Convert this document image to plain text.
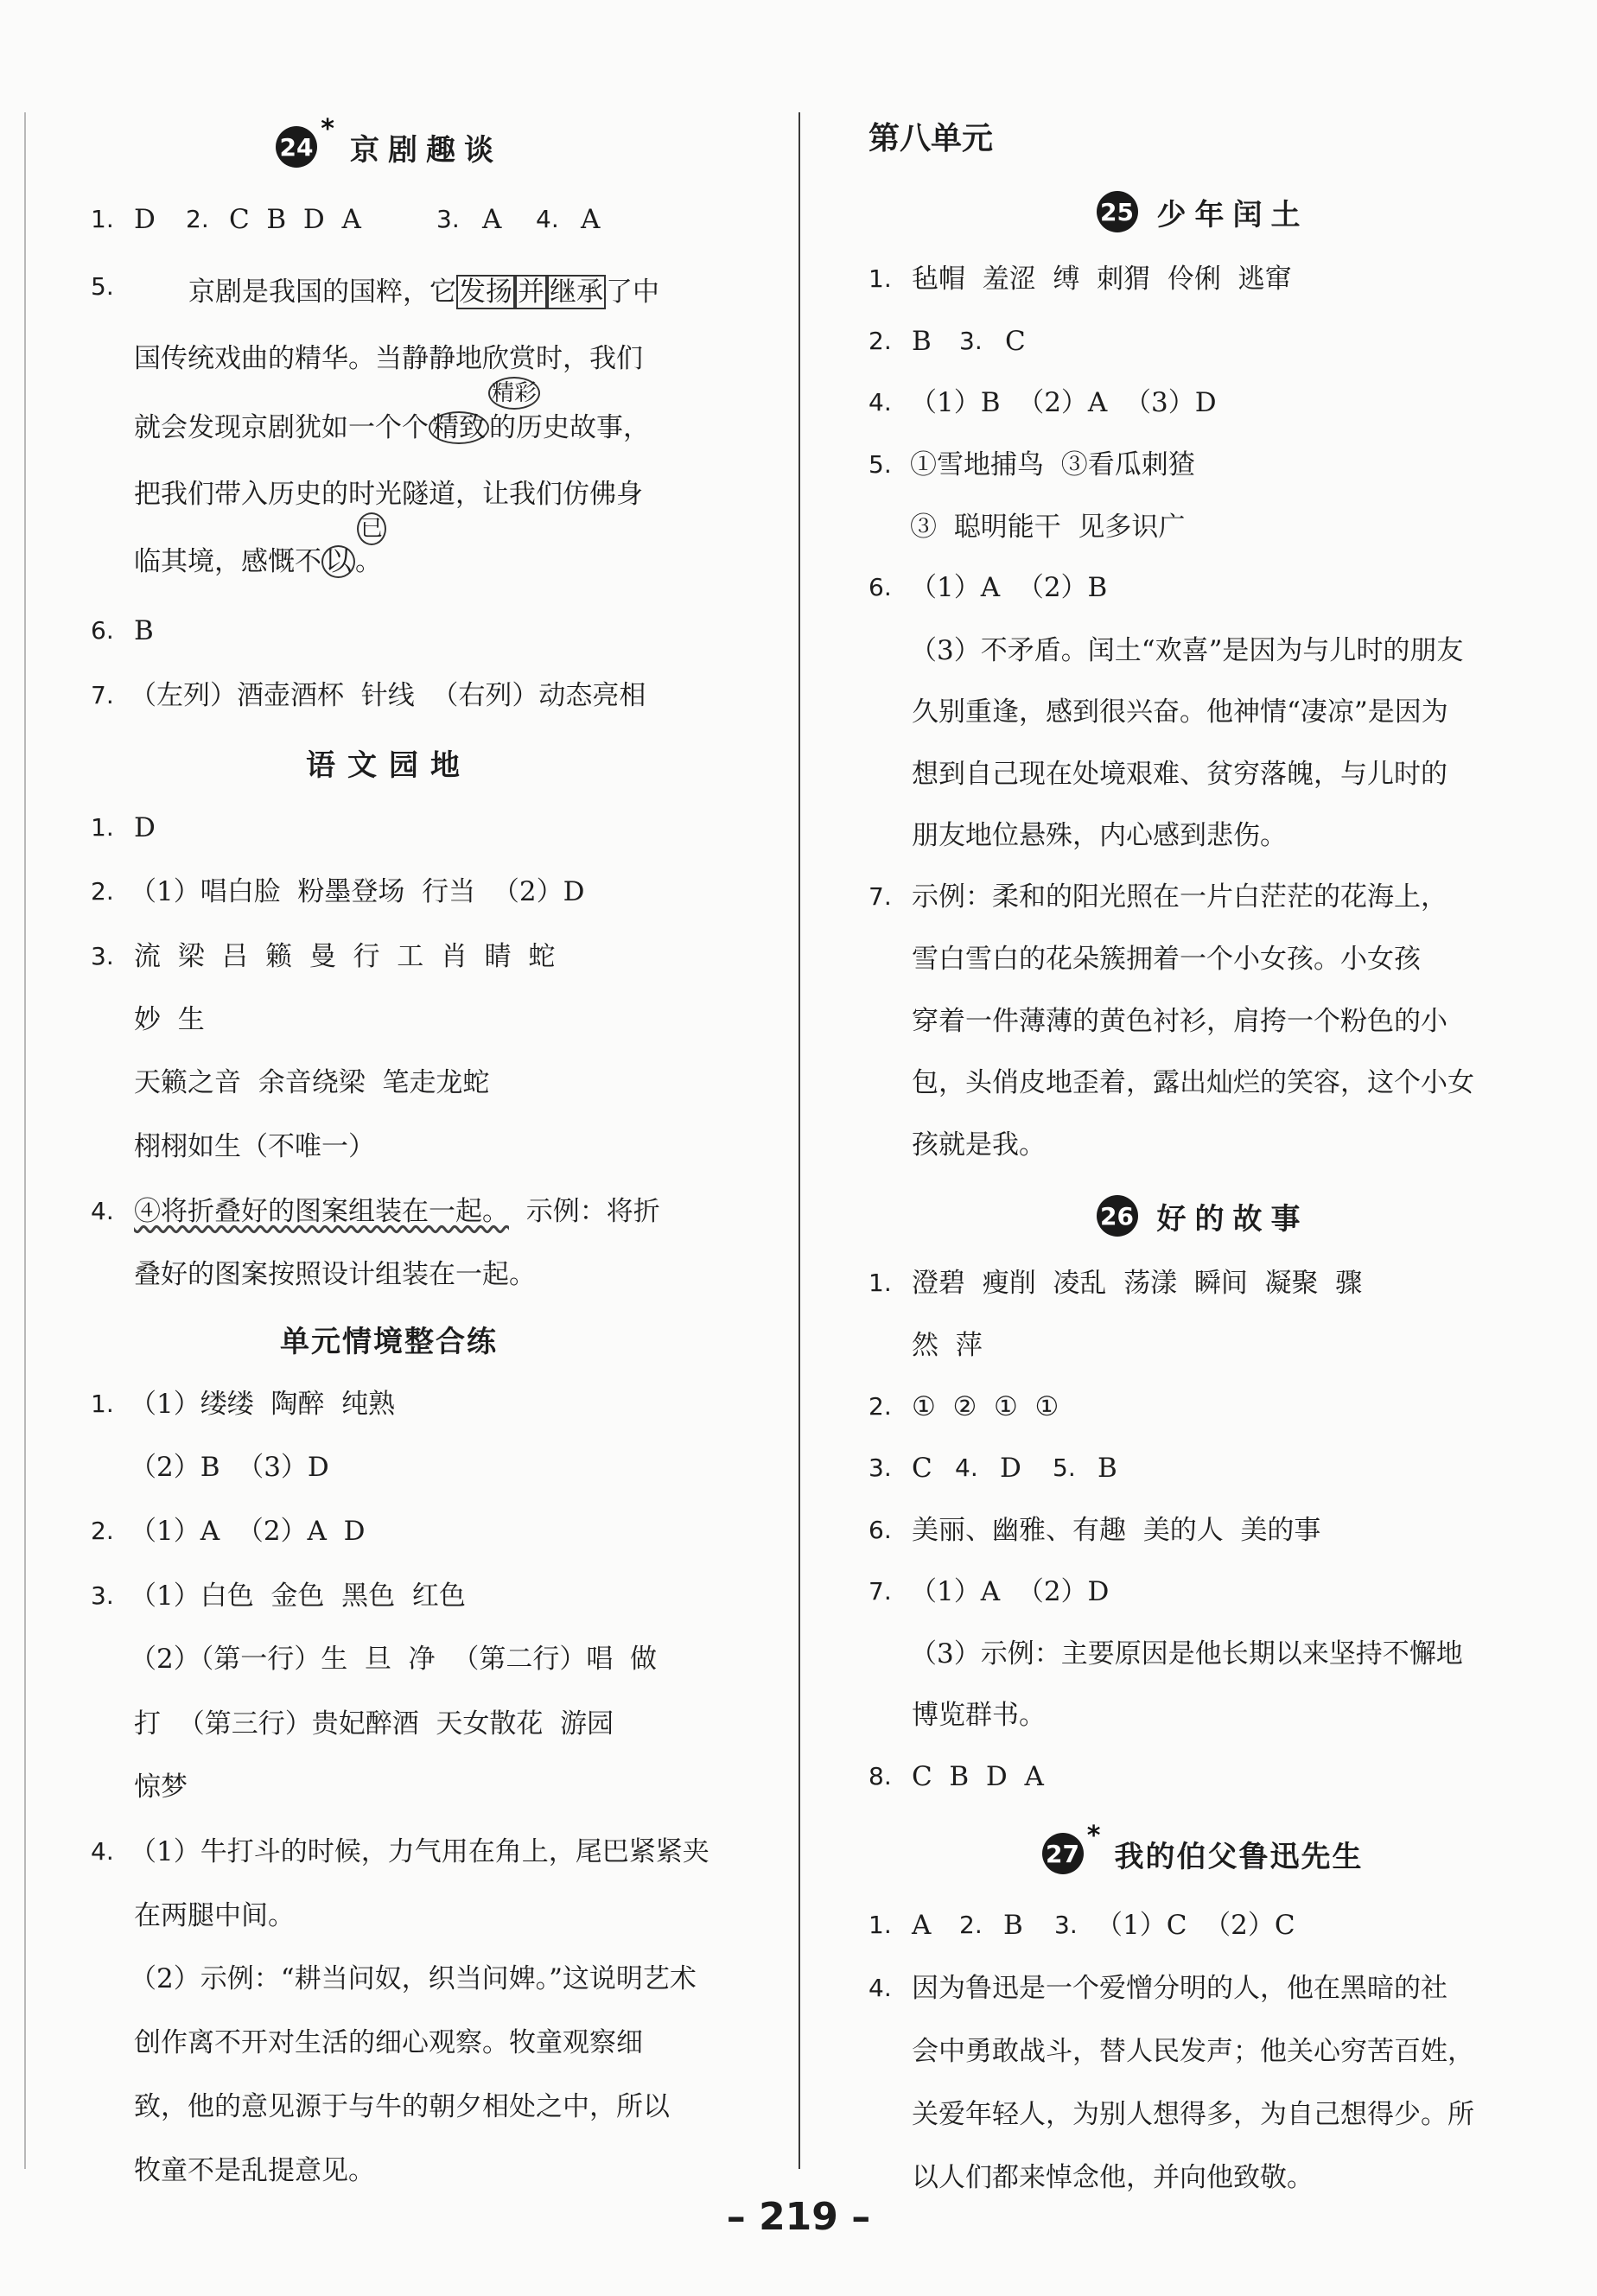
24
*
京剧趣谈
1. D 2. C  B  D  A	3. A 4. A
5.	京剧是我国的国粹，它发扬 并 继承了中
国传统戏曲的精华。当静静地欣赏时，我们
精彩
就会发现京剧犹如一个个 精致 的历史故事，
把我们带入历史的时光隧道，让我们仿佛身
已
临其境，感慨不 以 。
6. B
7. （左列）酒壶酒杯  针线  （右列）动态亮相
语文园地
1. D
2. （1）唱白脸  粉墨登场  行当  （2）D
3. 流  梁  吕  籁  曼  行  工  肖  睛  蛇
妙  生
天籁之音  余音绕梁  笔走龙蛇
栩栩如生（不唯一）
4. ④将折叠好的图案组装在一起。  示例：将折
叠好的图案按照设计组装在一起。
单元情境整合练
1. （1）缕缕  陶醉  纯熟
（2）B  （3）D
2. （1）A  （2）A  D
3. （1）白色  金色  黑色  红色
（2）（第一行）生  旦  净  （第二行）唱  做
打  （第三行）贵妃醉酒  天女散花  游园
惊梦
4. （1）牛打斗的时候，力气用在角上，尾巴紧紧夹
在两腿中间。
（2）示例：“耕当问奴，织当问婢。”这说明艺术
创作离不开对生活的细心观察。牧童观察细
致，他的意见源于与牛的朝夕相处之中，所以
牧童不是乱提意见。
第八单元
25 少年闰土
1. 毡帽  羞涩  缚  刺猬  伶俐  逃窜
2. B 3. C
4. （1）B  （2）A  （3）D
5. ①雪地捕鸟  ③看瓜刺猹
③  聪明能干  见多识广
6. （1）A  （2）B
（3）不矛盾。闰土“欢喜”是因为与儿时的朋友
久别重逢，感到很兴奋。他神情“凄凉”是因为
想到自己现在处境艰难、贫穷落魄，与儿时的
朋友地位悬殊，内心感到悲伤。
7. 示例：柔和的阳光照在一片白茫茫的花海上，
雪白雪白的花朵簇拥着一个小女孩。小女孩
穿着一件薄薄的黄色衬衫，肩挎一个粉色的小
包，头俏皮地歪着，露出灿烂的笑容，这个小女
孩就是我。
26 好的故事
1. 澄碧  瘦削  凌乱  荡漾  瞬间  凝聚  骤
然  萍
2. ①  ②  ①  ①
3. C 4. D 5. B
6. 美丽、幽雅、有趣  美的人  美的事
7. （1）A  （2）D
（3）示例：主要原因是他长期以来坚持不懈地
博览群书。
8. C  B  D  A
27
*
我的伯父鲁迅先生
1. A 2. B 3. （1）C  （2）C
4. 因为鲁迅是一个爱憎分明的人，他在黑暗的社
会中勇敢战斗，替人民发声；他关心穷苦百姓，
关爱年轻人，为别人想得多，为自己想得少。所
以人们都来悼念他，并向他致敬。
– 219 –
